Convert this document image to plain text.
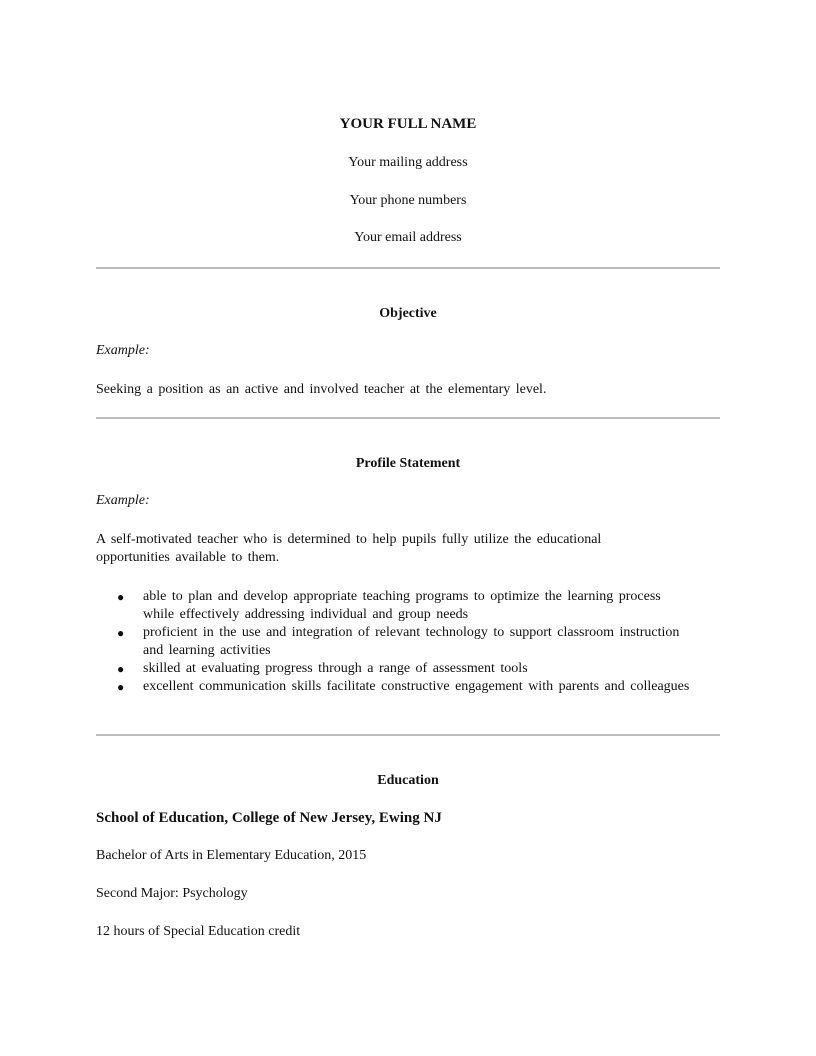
YOUR FULL NAME
Your mailing address
Your phone numbers
Your email address
Objective
Example:
Seeking a position as an active and involved teacher at the elementary level.
Profile Statement
Example:
A self-motivated teacher who is determined to help pupils fully utilize the educational opportunities available to them.
● able to plan and develop appropriate teaching programs to optimize the learning process while effectively addressing individual and group needs
● proficient in the use and integration of relevant technology to support classroom instruction and learning activities
● skilled at evaluating progress through a range of assessment tools
● excellent communication skills facilitate constructive engagement with parents and colleagues
Education
School of Education, College of New Jersey, Ewing NJ
Bachelor of Arts in Elementary Education, 2015
Second Major: Psychology
12 hours of Special Education credit
